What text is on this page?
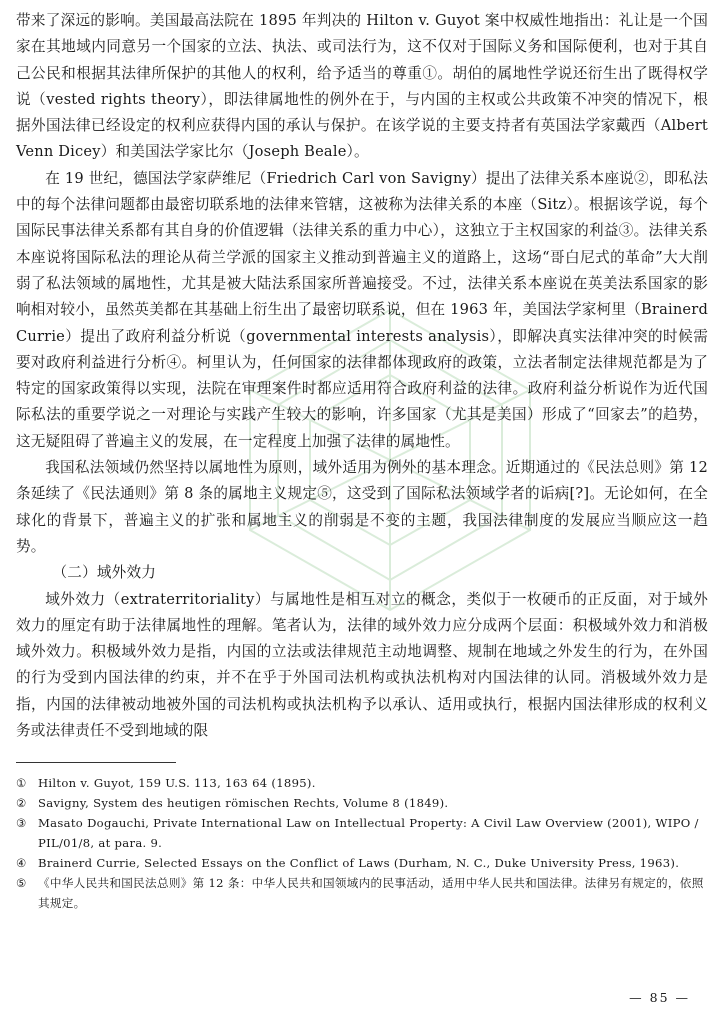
带来了深远的影响。美国最高法院在 1895 年判决的 Hilton v. Guyot 案中权威性地指出：礼让是一个国家在其地域内同意另一个国家的立法、执法、或司法行为，这不仅对于国际义务和国际便利，也对于其自己公民和根据其法律所保护的其他人的权利，给予适当的尊重①。胡伯的属地性学说还衍生出了既得权学说（vested rights theory），即法律属地性的例外在于，与内国的主权或公共政策不冲突的情况下，根据外国法律已经设定的权利应获得内国的承认与保护。在该学说的主要支持者有英国法学家戴西（Albert Venn Dicey）和美国法学家比尔（Joseph Beale）。

在 19 世纪，德国法学家萨维尼（Friedrich Carl von Savigny）提出了法律关系本座说②，即私法中的每个法律问题都由最密切联系地的法律来管辖，这被称为法律关系的本座（Sitz）。根据该学说，每个国际民事法律关系都有其自身的价值逻辑（法律关系的重力中心），这独立于主权国家的利益③。法律关系本座说将国际私法的理论从荷兰学派的国家主义推动到普遍主义的道路上，这场“哥白尼式的革命”大大削弱了私法领域的属地性，尤其是被大陆法系国家所普遍接受。不过，法律关系本座说在英美法系国家的影响相对较小，虽然英美都在其基础上衍生出了最密切联系说，但在 1963 年，美国法学家柯里（Brainerd Currie）提出了政府利益分析说（governmental interests analysis），即解决真实法律冲突的时候需要对政府利益进行分析④。柯里认为，任何国家的法律都体现政府的政策，立法者制定法律规范都是为了特定的国家政策得以实现，法院在审理案件时都应适用符合政府利益的法律。政府利益分析说作为近代国际私法的重要学说之一对理论与实践产生较大的影响，许多国家（尤其是美国）形成了“回家去”的趋势，这无疑阻碍了普遍主义的发展，在一定程度上加强了法律的属地性。

我国私法领域仍然坚持以属地性为原则，域外适用为例外的基本理念。近期通过的《民法总则》第 12 条延续了《民法通则》第 8 条的属地主义规定⑤，这受到了国际私法领域学者的诟病[?]。无论如何，在全球化的背景下，普遍主义的扩张和属地主义的削弱是不变的主题，我国法律制度的发展应当顺应这一趋势。

（二）域外效力

域外效力（extraterritoriality）与属地性是相互对立的概念，类似于一枚硬币的正反面，对于域外效力的厘定有助于法律属地性的理解。笔者认为，法律的域外效力应分成两个层面：积极域外效力和消极域外效力。积极域外效力是指，内国的立法或法律规范主动地调整、规制在地域之外发生的行为，在外国的行为受到内国法律的约束，并不在乎于外国司法机构或执法机构对内国法律的认同。消极域外效力是指，内国的法律被动地被外国的司法机构或执法机构予以承认、适用或执行，根据内国法律形成的权利义务或法律责任不受到地域的限

① Hilton v. Guyot, 159 U.S. 113, 163 64 (1895).
② Savigny, System des heutigen römischen Rechts, Volume 8 (1849).
③ Masato Dogauchi, Private International Law on Intellectual Property: A Civil Law Overview (2001), WIPO / PIL/01/8, at para. 9.
④ Brainerd Currie, Selected Essays on the Conflict of Laws (Durham, N. C., Duke University Press, 1963).
⑤ 《中华人民共和国民法总则》第 12 条：中华人民共和国领域内的民事活动，适用中华人民共和国法律。法律另有规定的，依照其规定。
— 85 —
